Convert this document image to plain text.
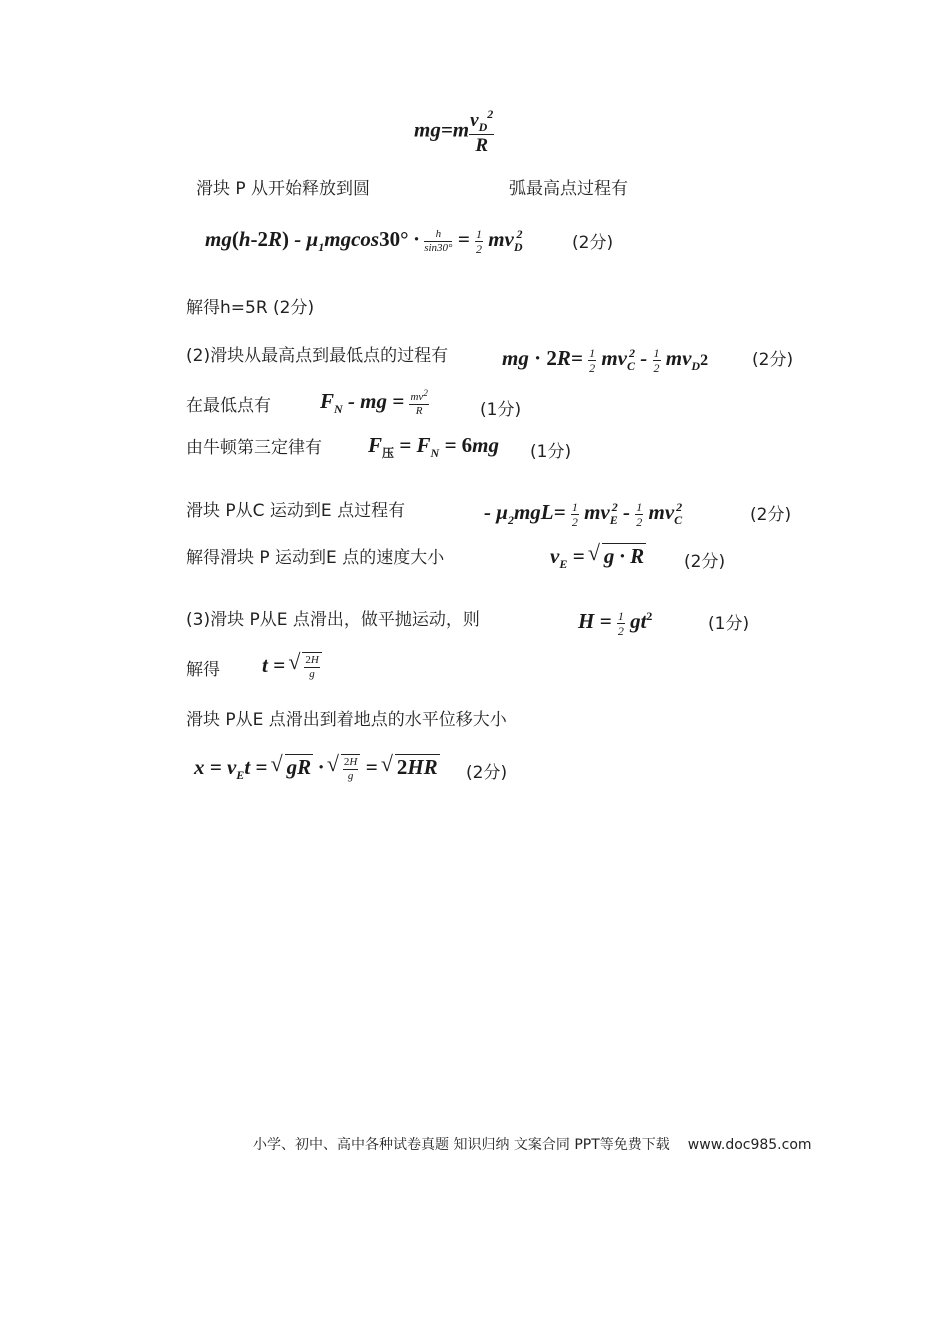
$mg=m \frac{v_D^2}{R}$
滑块 P 从开始释放到圆	弧最高点过程有
$mg(h-2R) - \mu_1mgcos30^\circ \cdot \frac{h}{\sin 30^\circ} = \frac{1}{2} mv_D^2$	(2分)
解得h=5R (2分)
(2)滑块从最高点到最低点的过程有	mg · $2R= \frac{1}{2} mv_C^2 - \frac{1}{2} mv_D2$	(2分)
在最低点有 $F_N$ - mg = $\frac{mv^2}{R}$	(1分)
由牛顿第三定律有 $F_压 = F_N = 6mg$ (1分)
滑块 P从C 运动到E 点过程有	- $\mu_2mgL= \frac{1}{2} mv_E^2 - \frac{1}{2} mv_C^2$	(2分)
解得滑块 P 运动到E 点的速度大小	$v_E$ = √ g · R (2分)
(3)滑块 P从E 点滑出，做平抛运动，则	$H = \frac{1}{2} gt^2$	(1分)
解得 t = √ $\frac{2H}{g}$
滑块 P从E 点滑出到着地点的水平位移大小
$x = v_Et$ = √ gR · √ $\frac{2H}{g}$ = √ 2HR (2分)
小学、初中、高中各种试卷真题 知识归纳 文案合同 PPT等免费下载 www.doc985.com
